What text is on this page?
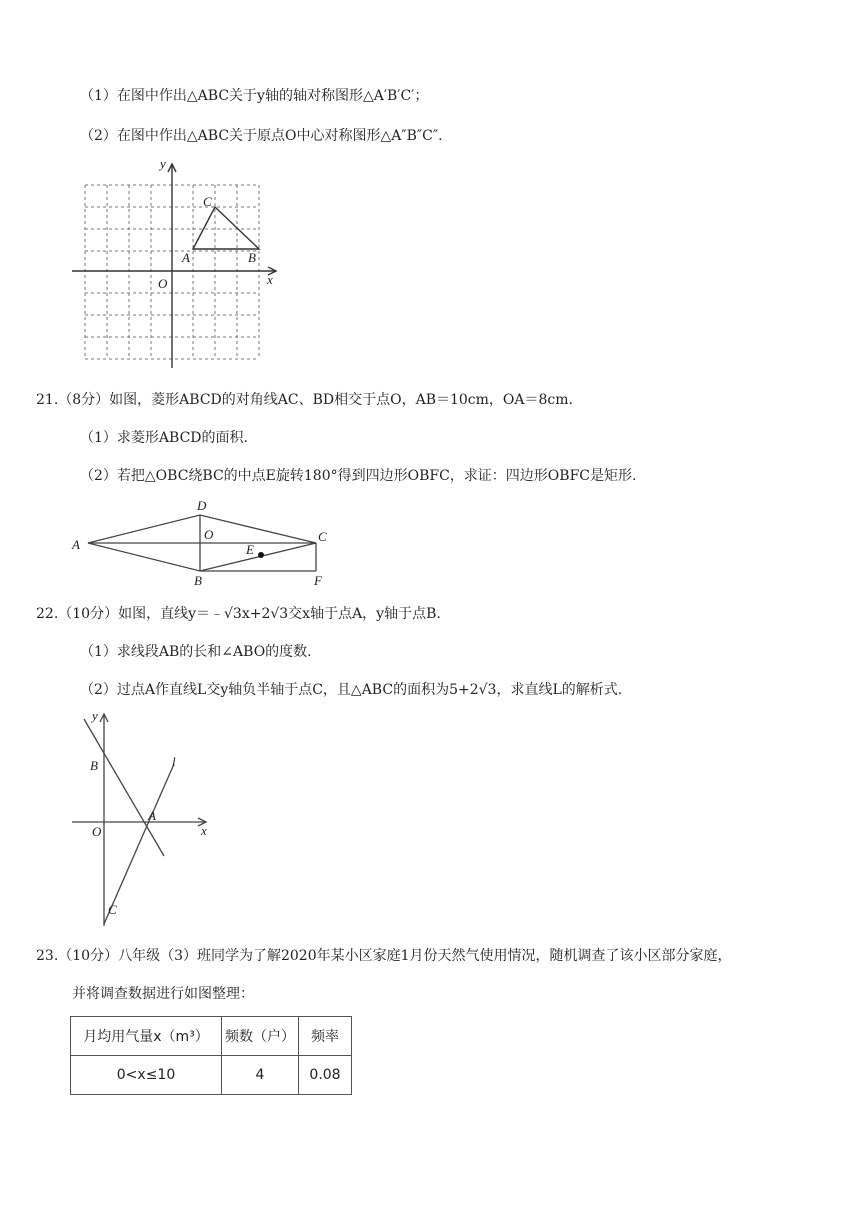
（1）在图中作出△ABC关于y轴的轴对称图形△A′B′C′；
（2）在图中作出△ABC关于原点O中心对称图形△A″B″C″.
y
x
O
A	B
C
21.（8分）如图，菱形ABCD的对角线AC、BD相交于点O，AB＝10cm，OA＝8cm.
（1）求菱形ABCD的面积.
（2）若把△OBC绕BC的中点E旋转180°得到四边形OBFC，求证：四边形OBFC是矩形.
A
D
O	C
E
B	F
22.（10分）如图，直线y＝﹣√3x+2√3交x轴于点A，y轴于点B.
（1）求线段AB的长和∠ABO的度数.
（2）过点A作直线L交y轴负半轴于点C，且△ABC的面积为5+2√3，求直线L的解析式.
y
x
O
B
A
C
l
23.（10分）八年级（3）班同学为了解2020年某小区家庭1月份天然气使用情况，随机调查了该小区部分家庭，
并将调查数据进行如图整理：
月均用气量x（m³）	频数（户）	频率
0<x≤10	4	0.08
